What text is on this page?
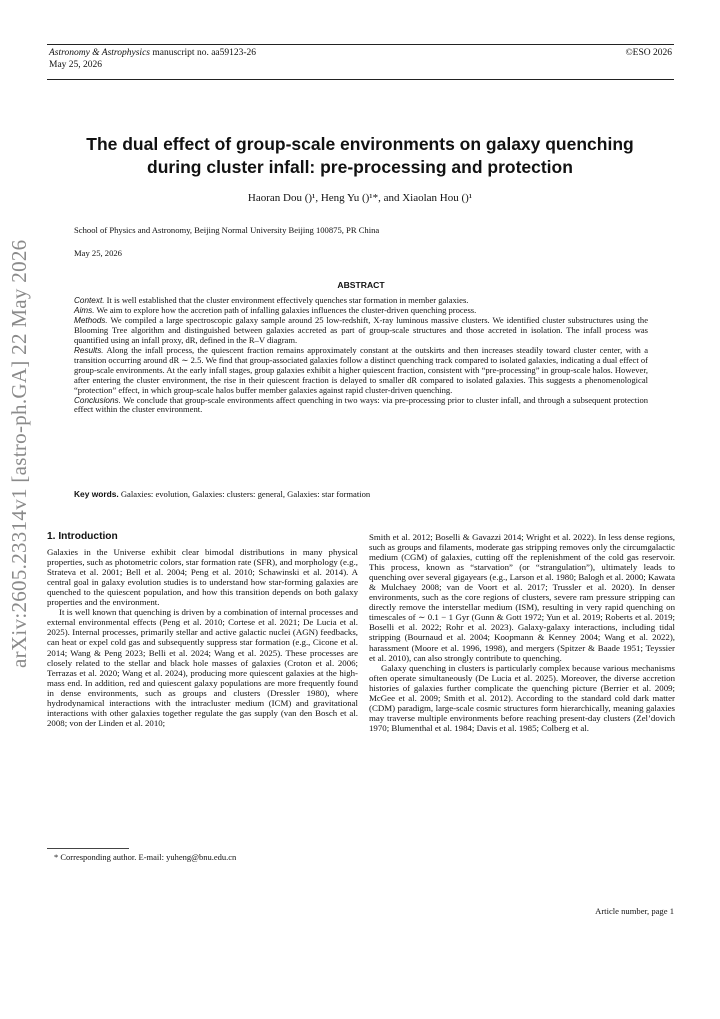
Astronomy & Astrophysics manuscript no. aa59123-26
May 25, 2026
©ESO 2026
arXiv:2605.23314v1 [astro-ph.GA] 22 May 2026
The dual effect of group-scale environments on galaxy quenching
during cluster infall: pre-processing and protection
Haoran Dou ()¹, Heng Yu ()¹*, and Xiaolan Hou ()¹
School of Physics and Astronomy, Beijing Normal University Beijing 100875, PR China
May 25, 2026
ABSTRACT

Context. It is well established that the cluster environment effectively quenches star formation in member galaxies.

Aims. We aim to explore how the accretion path of infalling galaxies influences the cluster-driven quenching process.

Methods. We compiled a large spectroscopic galaxy sample around 25 low-redshift, X-ray luminous massive clusters. We identified cluster substructures using the Blooming Tree algorithm and distinguished between galaxies accreted as part of group-scale structures and those accreted in isolation. The infall process was quantified using an infall proxy, dR, defined in the R–V diagram.

Results. Along the infall process, the quiescent fraction remains approximately constant at the outskirts and then increases steadily toward cluster center, with a transition occurring around dR ∼ 2.5. We find that group-associated galaxies follow a distinct quenching track compared to isolated galaxies, indicating a dual effect of group-scale environments. At the early infall stages, group galaxies exhibit a higher quiescent fraction, consistent with “pre-processing” in group-scale halos. However, after entering the cluster environment, the rise in their quiescent fraction is delayed to smaller dR compared to isolated galaxies. This suggests a phenomenological “protection” effect, in which group-scale halos buffer member galaxies against rapid cluster-driven quenching.

Conclusions. We conclude that group-scale environments affect quenching in two ways: via pre-processing prior to cluster infall, and through a subsequent protection effect within the cluster environment.

Key words. Galaxies: evolution, Galaxies: clusters: general, Galaxies: star formation

1. Introduction

Galaxies in the Universe exhibit clear bimodal distributions in many physical properties, such as photometric colors, star formation rate (SFR), and morphology (e.g., Strateva et al. 2001; Bell et al. 2004; Peng et al. 2010; Schawinski et al. 2014). A central goal in galaxy evolution studies is to understand how star-forming galaxies are quenched to the quiescent population, and how this transition depends on both galaxy properties and the environment.

It is well known that quenching is driven by a combination of internal processes and external environmental effects (Peng et al. 2010; Cortese et al. 2021; De Lucia et al. 2025). Internal processes, primarily stellar and active galactic nuclei (AGN) feedbacks, can heat or expel cold gas and subsequently suppress star formation (e.g., Cicone et al. 2014; Wang & Peng 2023; Belli et al. 2024; Wang et al. 2025). These processes are closely related to the stellar and black hole masses of galaxies (Croton et al. 2006; Terrazas et al. 2020; Wang et al. 2024), producing more quiescent galaxies at the high-mass end. In addition, red and quiescent galaxy populations are more frequently found in dense environments, such as groups and clusters (Dressler 1980), where hydrodynamical interactions with the intracluster medium (ICM) and gravitational interactions with other galaxies together regulate the gas supply (van den Bosch et al. 2008; von der Linden et al. 2010;

Smith et al. 2012; Boselli & Gavazzi 2014; Wright et al. 2022). In less dense regions, such as groups and filaments, moderate gas stripping removes only the circumgalactic medium (CGM) of galaxies, cutting off the replenishment of the cold gas reservoir. This process, known as “starvation” (or “strangulation”), ultimately leads to quenching over several gigayears (e.g., Larson et al. 1980; Balogh et al. 2000; Kawata & Mulchaey 2008; van de Voort et al. 2017; Trussler et al. 2020). In denser environments, such as the core regions of clusters, severe ram pressure stripping can directly remove the interstellar medium (ISM), resulting in very rapid quenching on timescales of ∼ 0.1 − 1 Gyr (Gunn & Gott 1972; Yun et al. 2019; Roberts et al. 2019; Boselli et al. 2022; Rohr et al. 2023). Galaxy-galaxy interactions, including tidal stripping (Bournaud et al. 2004; Koopmann & Kenney 2004; Wang et al. 2022), harassment (Moore et al. 1996, 1998), and mergers (Spitzer & Baade 1951; Teyssier et al. 2010), can also strongly contribute to quenching.

Galaxy quenching in clusters is particularly complex because various mechanisms often operate simultaneously (De Lucia et al. 2025). Moreover, the diverse accretion histories of galaxies further complicate the quenching picture (Berrier et al. 2009; McGee et al. 2009; Smith et al. 2012). According to the standard cold dark matter (CDM) paradigm, large-scale cosmic structures form hierarchically, meaning galaxies may traverse multiple environments before reaching present-day clusters (Zel’dovich 1970; Blumenthal et al. 1984; Davis et al. 1985; Colberg et al.

* Corresponding author. E-mail: yuheng@bnu.edu.cn
Article number, page 1
